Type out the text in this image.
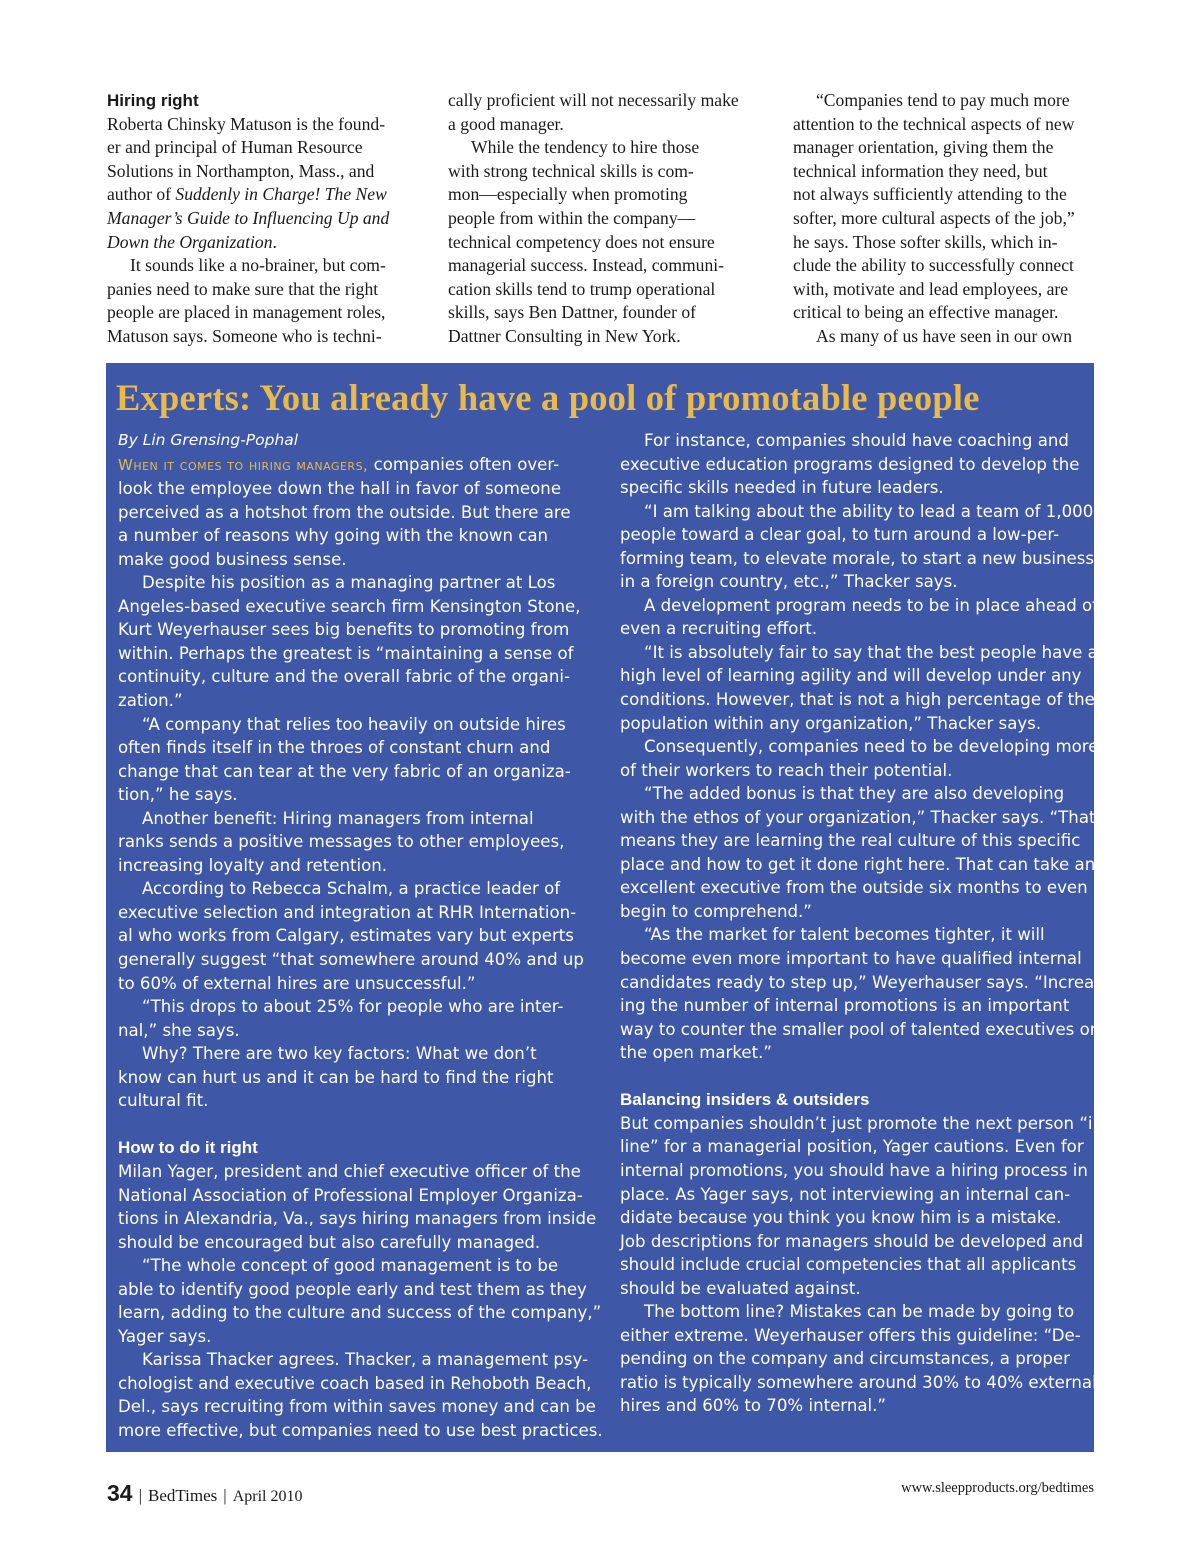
Hiring right
Roberta Chinsky Matuson is the found-
er and principal of Human Resource
Solutions in Northampton, Mass., and
author of Suddenly in Charge! The New
Manager’s Guide to Influencing Up and
Down the Organization.
It sounds like a no-brainer, but com-
panies need to make sure that the right
people are placed in management roles,
Matuson says. Someone who is techni-
cally proficient will not necessarily make
a good manager.
While the tendency to hire those
with strong technical skills is com-
mon—especially when promoting
people from within the company—
technical competency does not ensure
managerial success. Instead, communi-
cation skills tend to trump operational
skills, says Ben Dattner, founder of
Dattner Consulting in New York.
“Companies tend to pay much more
attention to the technical aspects of new
manager orientation, giving them the
technical information they need, but
not always sufficiently attending to the
softer, more cultural aspects of the job,”
he says. Those softer skills, which in-
clude the ability to successfully connect
with, motivate and lead employees, are
critical to being an effective manager.
As many of us have seen in our own
Experts: You already have a pool of promotable people
By Lin Grensing-Pophal
When it comes to hiring managers, companies often over-
look the employee down the hall in favor of someone
perceived as a hotshot from the outside. But there are
a number of reasons why going with the known can
make good business sense.
Despite his position as a managing partner at Los
Angeles-based executive search firm Kensington Stone,
Kurt Weyerhauser sees big benefits to promoting from
within. Perhaps the greatest is “maintaining a sense of
continuity, culture and the overall fabric of the organi-
zation.”
“A company that relies too heavily on outside hires
often finds itself in the throes of constant churn and
change that can tear at the very fabric of an organiza-
tion,” he says.
Another benefit: Hiring managers from internal
ranks sends a positive messages to other employees,
increasing loyalty and retention.
According to Rebecca Schalm, a practice leader of
executive selection and integration at RHR Internation-
al who works from Calgary, estimates vary but experts
generally suggest “that somewhere around 40% and up
to 60% of external hires are unsuccessful.”
“This drops to about 25% for people who are inter-
nal,” she says.
Why? There are two key factors: What we don’t
know can hurt us and it can be hard to find the right
cultural fit.
How to do it right
Milan Yager, president and chief executive officer of the
National Association of Professional Employer Organiza-
tions in Alexandria, Va., says hiring managers from inside
should be encouraged but also carefully managed.
“The whole concept of good management is to be
able to identify good people early and test them as they
learn, adding to the culture and success of the company,”
Yager says.
Karissa Thacker agrees. Thacker, a management psy-
chologist and executive coach based in Rehoboth Beach,
Del., says recruiting from within saves money and can be
more effective, but companies need to use best practices.
For instance, companies should have coaching and
executive education programs designed to develop the
specific skills needed in future leaders.
“I am talking about the ability to lead a team of 1,000
people toward a clear goal, to turn around a low-per-
forming team, to elevate morale, to start a new business
in a foreign country, etc.,” Thacker says.
A development program needs to be in place ahead of
even a recruiting effort.
“It is absolutely fair to say that the best people have a
high level of learning agility and will develop under any
conditions. However, that is not a high percentage of the
population within any organization,” Thacker says.
Consequently, companies need to be developing more
of their workers to reach their potential.
“The added bonus is that they are also developing
with the ethos of your organization,” Thacker says. “That
means they are learning the real culture of this specific
place and how to get it done right here. That can take an
excellent executive from the outside six months to even
begin to comprehend.”
“As the market for talent becomes tighter, it will
become even more important to have qualified internal
candidates ready to step up,” Weyerhauser says. “Increas-
ing the number of internal promotions is an important
way to counter the smaller pool of talented executives on
the open market.”
Balancing insiders & outsiders
But companies shouldn’t just promote the next person “in
line” for a managerial position, Yager cautions. Even for
internal promotions, you should have a hiring process in
place. As Yager says, not interviewing an internal can-
didate because you think you know him is a mistake.
Job descriptions for managers should be developed and
should include crucial competencies that all applicants
should be evaluated against.
The bottom line? Mistakes can be made by going to
either extreme. Weyerhauser offers this guideline: “De-
pending on the company and circumstances, a proper
ratio is typically somewhere around 30% to 40% external
hires and 60% to 70% internal.”
34 | BedTimes | April 2010	www.sleepproducts.org/bedtimes
